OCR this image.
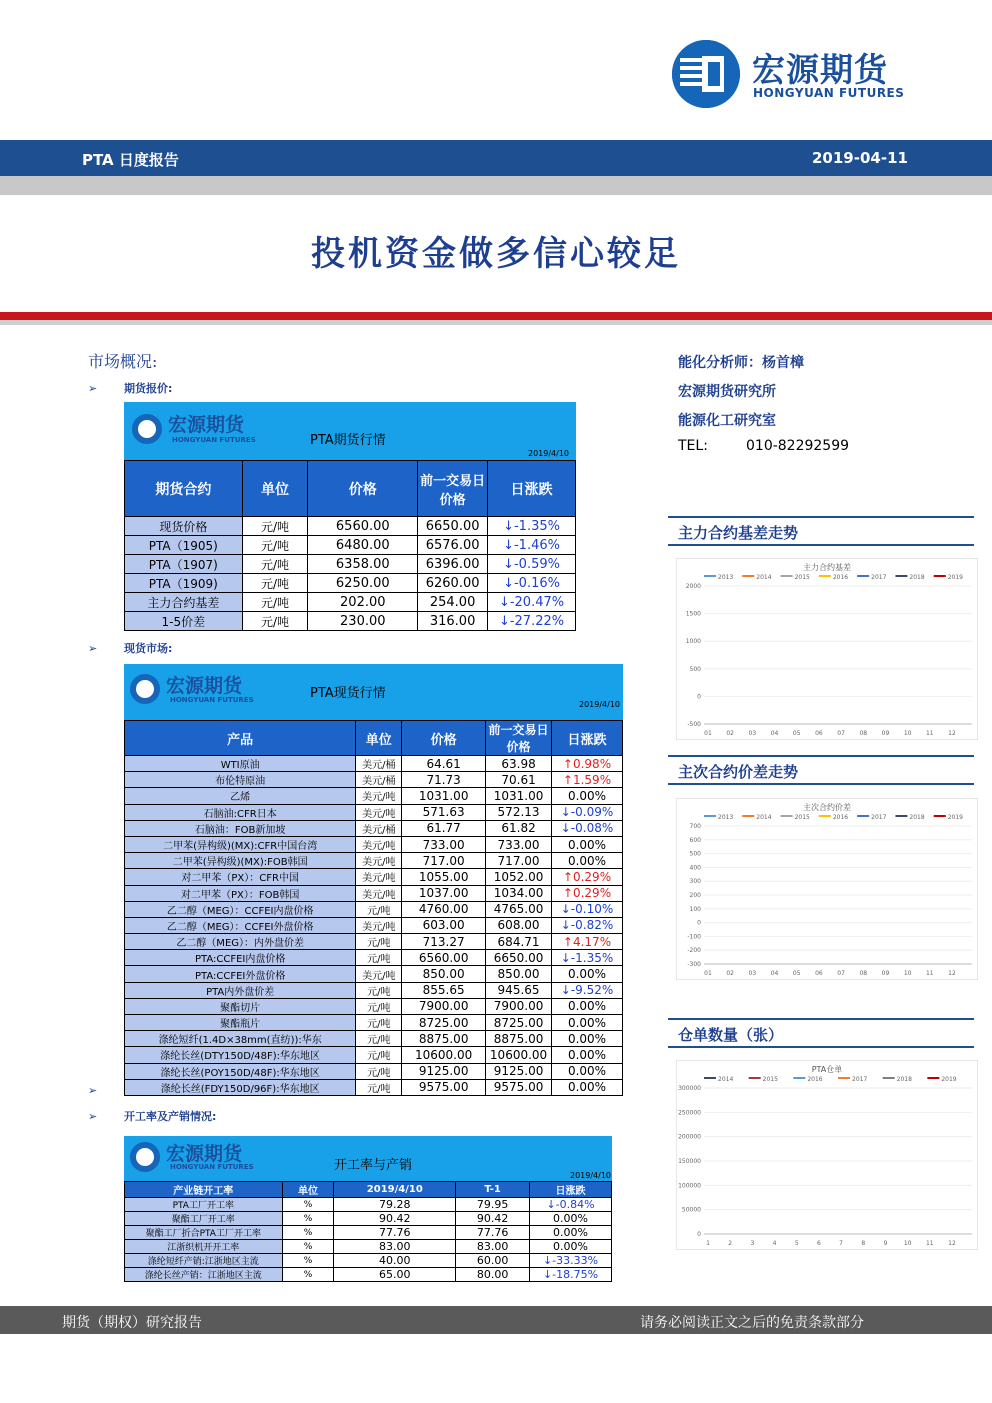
宏源期货
HONGYUAN FUTURES
PTA 日度报告	2019-04-11
投机资金做多信心较足
市场概况:
➢ 期货报价:
宏源期货
HONGYUAN FUTURES	PTA期货行情
2019/4/10
期货合约	单位	价格	前一交易日价格	日涨跌
现货价格	元/吨	6560.00	6650.00	↓-1.35%
PTA（1905)	元/吨	6480.00	6576.00	↓-1.46%
PTA（1907)	元/吨	6358.00	6396.00	↓-0.59%
PTA（1909)	元/吨	6250.00	6260.00	↓-0.16%
主力合约基差	元/吨	202.00	254.00	↓-20.47%
1-5价差	元/吨	230.00	316.00	↓-27.22%
➢ 现货市场:
宏源期货
HONGYUAN FUTURES	PTA现货行情
2019/4/10
产品	单位	价格	前一交易日价格	日涨跌
WTI原油	美元/桶	64.61	63.98	↑0.98%
布伦特原油	美元/桶	71.73	70.61	↑1.59%
乙烯	美元/吨	1031.00	1031.00	0.00%
石脑油:CFR日本	美元/吨	571.63	572.13	↓-0.09%
石脑油：FOB新加坡	美元/桶	61.77	61.82	↓-0.08%
二甲苯(异构级)(MX):CFR中国台湾	美元/吨	733.00	733.00	0.00%
二甲苯(异构级)(MX):FOB韩国	美元/吨	717.00	717.00	0.00%
对二甲苯（PX）：CFR中国	美元/吨	1055.00	1052.00	↑0.29%
对二甲苯（PX）：FOB韩国	美元/吨	1037.00	1034.00	↑0.29%
乙二醇（MEG）：CCFEI内盘价格	元/吨	4760.00	4765.00	↓-0.10%
乙二醇（MEG）：CCFEI外盘价格	美元/吨	603.00	608.00	↓-0.82%
乙二醇（MEG）：内外盘价差	元/吨	713.27	684.71	↑4.17%
PTA:CCFEI内盘价格	元/吨	6560.00	6650.00	↓-1.35%
PTA:CCFEI外盘价格	美元/吨	850.00	850.00	0.00%
PTA内外盘价差	元/吨	855.65	945.65	↓-9.52%
聚酯切片	元/吨	7900.00	7900.00	0.00%
聚酯瓶片	元/吨	8725.00	8725.00	0.00%
涤纶短纤(1.4D×38mm(直纺)):华东	元/吨	8875.00	8875.00	0.00%
涤纶长丝(DTY150D/48F):华东地区	元/吨	10600.00	10600.00	0.00%
涤纶长丝(POY150D/48F):华东地区	元/吨	9125.00	9125.00	0.00%
涤纶长丝(FDY150D/96F):华东地区	元/吨	9575.00	9575.00	0.00%
➢
➢ 开工率及产销情况:
宏源期货
HONGYUAN FUTURES	开工率与产销
2019/4/10
产业链开工率	单位	2019/4/10	T-1	日涨跌
PTA工厂开工率	%	79.28	79.95	↓-0.84%
聚酯工厂开工率	%	90.42	90.42	0.00%
聚酯工厂折合PTA工厂开工率	%	77.76	77.76	0.00%
江浙织机开开工率	%	83.00	83.00	0.00%
涤纶短纤产销:江浙地区主流	%	40.00	60.00	↓-33.33%
涤纶长丝产销：江浙地区主流	%	65.00	80.00	↓-18.75%
能化分析师：杨首樟
宏源期货研究所
能源化工研究室
TEL:	010-82292599
主力合约基差走势
主力合约基差
2013	2014	2015	2016	2017	2018	2019
2000
1500
1000
500
0
-500
01 02 03 04 05 06 07 08 09 10 11 12
主次合约价差走势
主次合约价差
2013	2014	2015	2016	2017	2018	2019
700
600
500
400
300
200
100
0
-100
-200
-300
01 02 03 04 05 06 07 08 09 10 11 12
仓单数量（张）
PTA仓单
2014	2015	2016	2017	2018	2019
300000
250000
200000
150000
100000
50000
0
1	2	3	4	5	6	7	8	9	10 11 12
期货（期权）研究报告	请务必阅读正文之后的免责条款部分
